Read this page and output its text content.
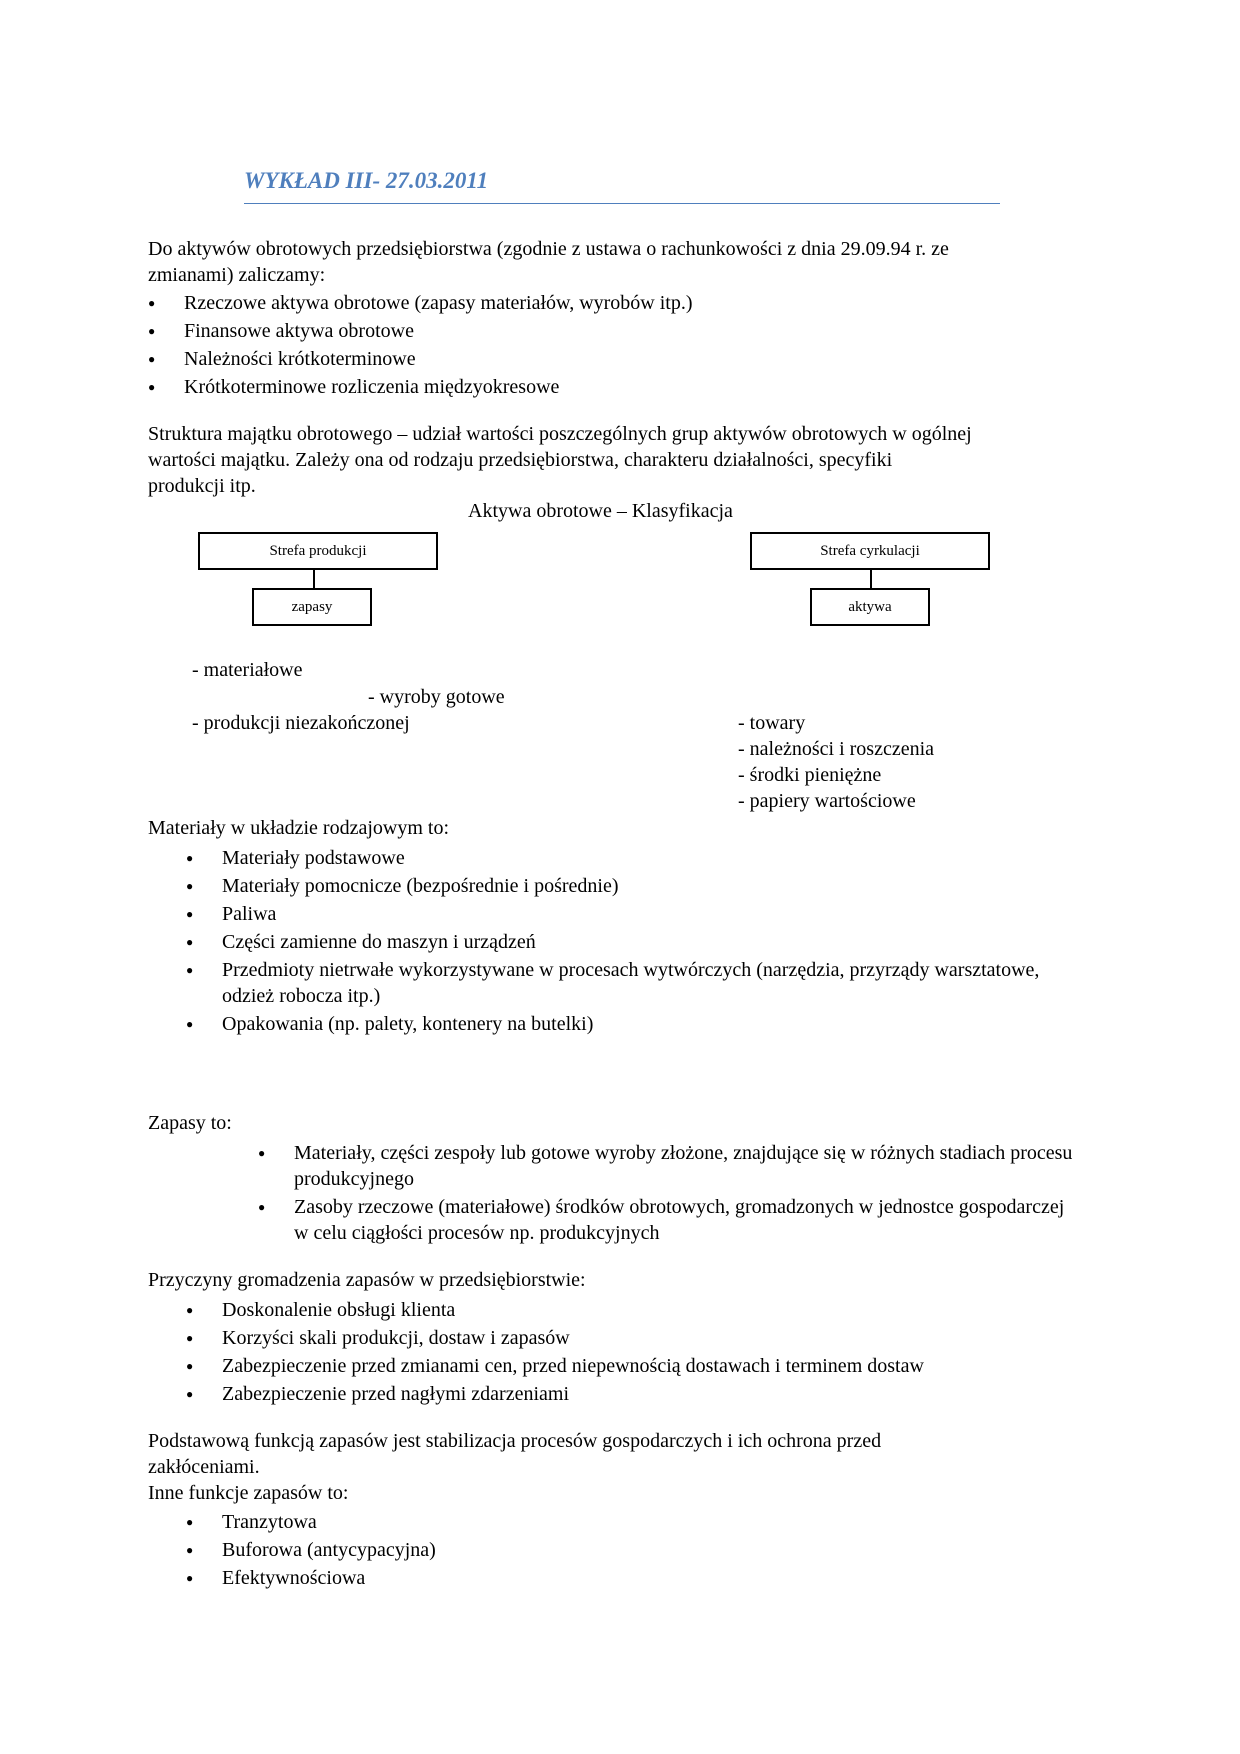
WYKŁAD III- 27.03.2011
Do aktywów obrotowych przedsiębiorstwa (zgodnie z ustawa o rachunkowości z dnia 29.09.94 r. ze
zmianami) zaliczamy:
● Rzeczowe aktywa obrotowe (zapasy materiałów, wyrobów itp.)
● Finansowe aktywa obrotowe
● Należności krótkoterminowe
● Krótkoterminowe rozliczenia międzyokresowe
Struktura majątku obrotowego – udział wartości poszczególnych grup aktywów obrotowych w ogólnej
wartości majątku. Zależy ona od rodzaju przedsiębiorstwa, charakteru działalności, specyfiki
produkcji itp.
Aktywa obrotowe – Klasyfikacja
Strefa produkcji
zapasy
Strefa cyrkulacji
aktywa
- materiałowe
- wyroby gotowe
- produkcji niezakończonej	- towary
- należności i roszczenia
- środki pieniężne
- papiery wartościowe
Materiały w układzie rodzajowym to:
● Materiały podstawowe
● Materiały pomocnicze (bezpośrednie i pośrednie)
● Paliwa
● Części zamienne do maszyn i urządzeń
● Przedmioty nietrwałe wykorzystywane w procesach wytwórczych (narzędzia, przyrządy warsztatowe, odzież robocza itp.)
● Opakowania (np. palety, kontenery na butelki)
Zapasy to:
● Materiały, części zespoły lub gotowe wyroby złożone, znajdujące się w różnych stadiach procesu produkcyjnego
● Zasoby rzeczowe (materiałowe) środków obrotowych, gromadzonych w jednostce gospodarczej w celu ciągłości procesów np. produkcyjnych
Przyczyny gromadzenia zapasów w przedsiębiorstwie:
● Doskonalenie obsługi klienta
● Korzyści skali produkcji, dostaw i zapasów
● Zabezpieczenie przed zmianami cen, przed niepewnością dostawach i terminem dostaw
● Zabezpieczenie przed nagłymi zdarzeniami
Podstawową funkcją zapasów jest stabilizacja procesów gospodarczych i ich ochrona przed
zakłóceniami.
Inne funkcje zapasów to:
● Tranzytowa
● Buforowa (antycypacyjna)
● Efektywnościowa
